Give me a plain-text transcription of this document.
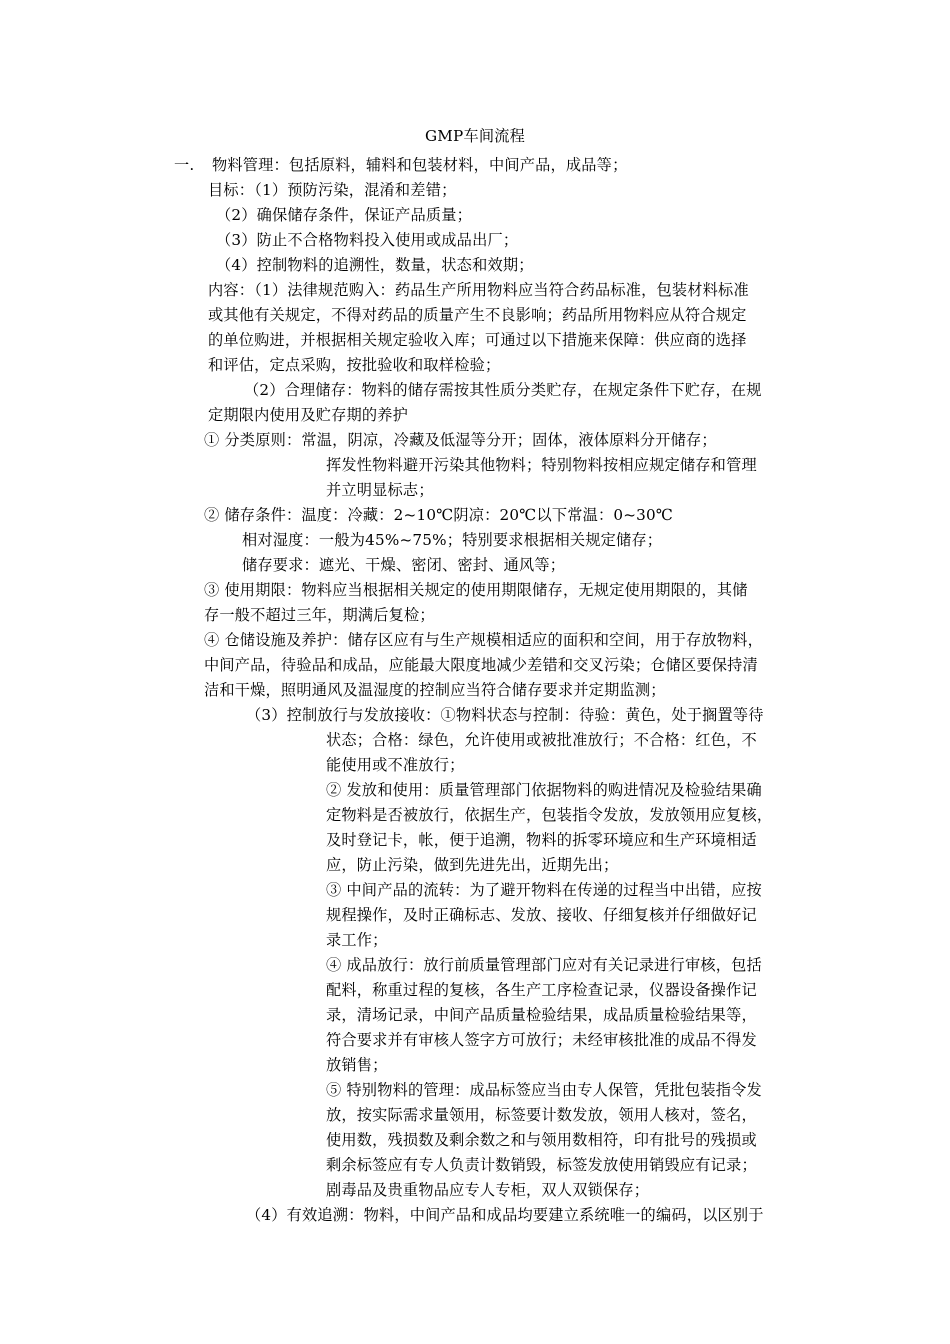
GMP车间流程
一. 物料管理：包括原料，辅料和包装材料，中间产品，成品等；
目标：（1）预防污染，混淆和差错；
（2）确保储存条件，保证产品质量；
（3）防止不合格物料投入使用或成品出厂；
（4）控制物料的追溯性，数量，状态和效期；
内容：（1）法律规范购入：药品生产所用物料应当符合药品标准，包装材料标准
或其他有关规定，不得对药品的质量产生不良影响；药品所用物料应从符合规定
的单位购进，并根据相关规定验收入库；可通过以下措施来保障：供应商的选择
和评估，定点采购，按批验收和取样检验；
（2）合理储存：物料的储存需按其性质分类贮存，在规定条件下贮存，在规
定期限内使用及贮存期的养护
① 分类原则：常温，阴凉，冷藏及低湿等分开；固体，液体原料分开储存；
挥发性物料避开污染其他物料；特别物料按相应规定储存和管理
并立明显标志；
② 储存条件：温度：冷藏：2~10℃阴凉：20℃以下常温：0~30℃
相对湿度：一般为45%~75%；特别要求根据相关规定储存；
储存要求：遮光、干燥、密闭、密封、通风等；
③ 使用期限：物料应当根据相关规定的使用期限储存，无规定使用期限的，其储
存一般不超过三年，期满后复检；
④ 仓储设施及养护：储存区应有与生产规模相适应的面积和空间，用于存放物料，
中间产品，待验品和成品，应能最大限度地减少差错和交叉污染；仓储区要保持清
洁和干燥，照明通风及温湿度的控制应当符合储存要求并定期监测；
（3）控制放行与发放接收：①物料状态与控制：待验：黄色，处于搁置等待
状态；合格：绿色，允许使用或被批准放行；不合格：红色，不
能使用或不准放行；
② 发放和使用：质量管理部门依据物料的购进情况及检验结果确
定物料是否被放行，依据生产，包装指令发放，发放领用应复核，
及时登记卡，帐，便于追溯，物料的拆零环境应和生产环境相适
应，防止污染，做到先进先出，近期先出；
③ 中间产品的流转：为了避开物料在传递的过程当中出错，应按
规程操作，及时正确标志、发放、接收、仔细复核并仔细做好记
录工作；
④ 成品放行：放行前质量管理部门应对有关记录进行审核，包括
配料，称重过程的复核，各生产工序检查记录，仪器设备操作记
录，清场记录，中间产品质量检验结果，成品质量检验结果等，
符合要求并有审核人签字方可放行；未经审核批准的成品不得发
放销售；
⑤ 特别物料的管理：成品标签应当由专人保管，凭批包装指令发
放，按实际需求量领用，标签要计数发放，领用人核对，签名，
使用数，残损数及剩余数之和与领用数相符，印有批号的残损或
剩余标签应有专人负责计数销毁，标签发放使用销毁应有记录；
剧毒品及贵重物品应专人专柜，双人双锁保存；
（4）有效追溯：物料，中间产品和成品均要建立系统唯一的编码，以区别于
